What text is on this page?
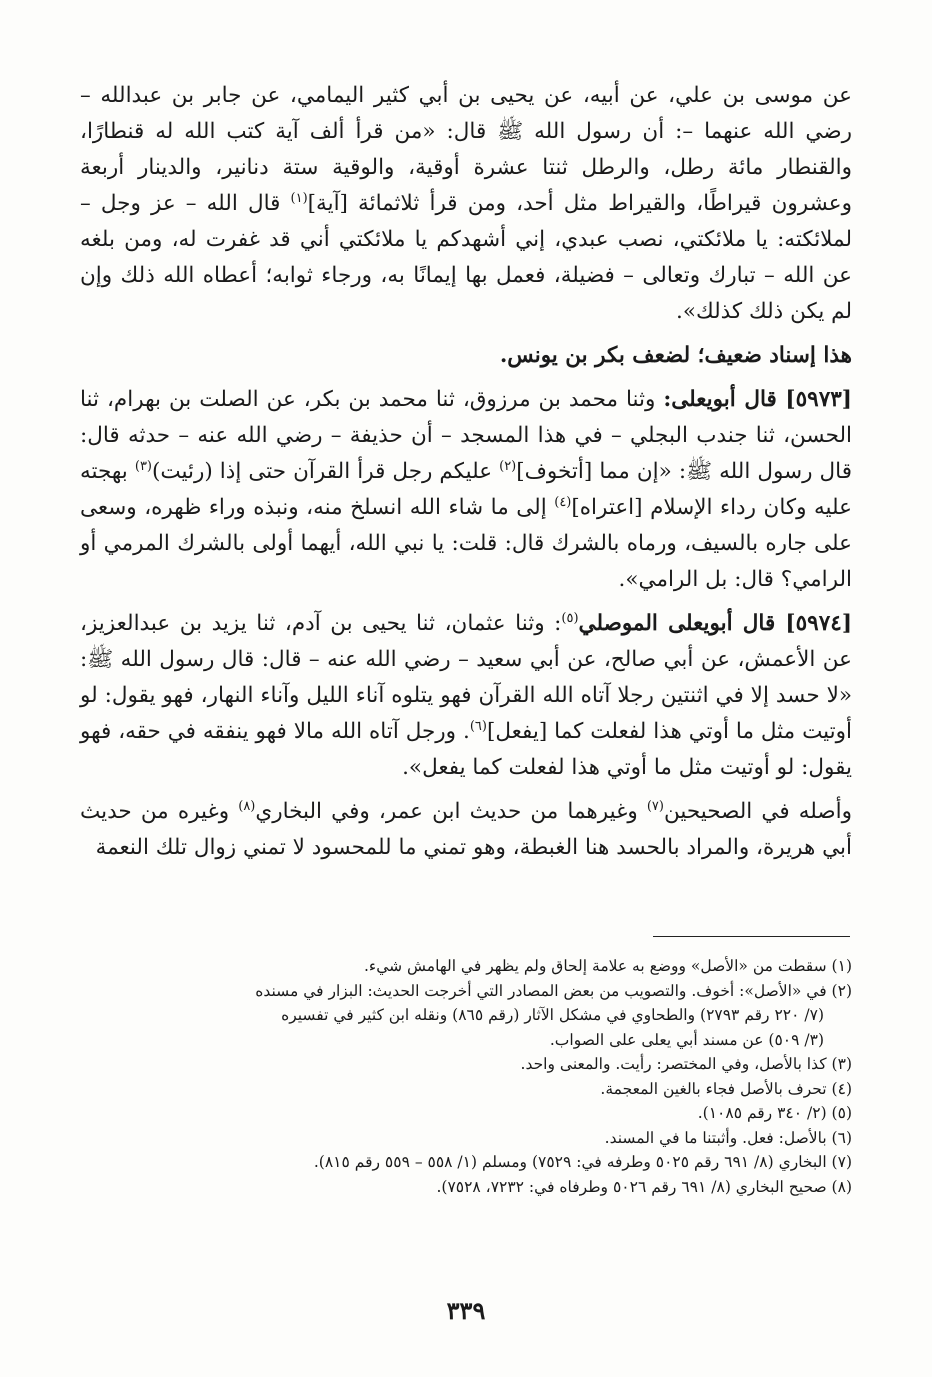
عن موسى بن علي، عن أبيه، عن يحيى بن أبي كثير اليمامي، عن جابر بن عبدالله – رضي الله عنهما –: أن رسول الله ﷺ قال: «من قرأ ألف آية كتب الله له قنطارًا، والقنطار مائة رطل، والرطل ثنتا عشرة أوقية، والوقية ستة دنانير، والدينار أربعة وعشرون قيراطًا، والقيراط مثل أحد، ومن قرأ ثلاثمائة [آية]$^{(١)}$ قال الله – عز وجل – لملائكته: يا ملائكتي، نصب عبدي، إني أشهدكم يا ملائكتي أني قد غفرت له، ومن بلغه عن الله – تبارك وتعالى – فضيلة، فعمل بها إيمانًا به، ورجاء ثوابه؛ أعطاه الله ذلك وإن لم يكن ذلك كذلك».

هذا إسناد ضعيف؛ لضعف بكر بن يونس.

[٥٩٧٣] قال أبويعلى: وثنا محمد بن مرزوق، ثنا محمد بن بكر، عن الصلت بن بهرام، ثنا الحسن، ثنا جندب البجلي – في هذا المسجد – أن حذيفة – رضي الله عنه – حدثه قال: قال رسول الله ﷺ: «إن مما [أتخوف]$^{(٢)}$ عليكم رجل قرأ القرآن حتى إذا (رئيت)$^{(٣)}$ بهجته عليه وكان رداء الإسلام [اعتراه]$^{(٤)}$ إلى ما شاء الله انسلخ منه، ونبذه وراء ظهره، وسعى على جاره بالسيف، ورماه بالشرك قال: قلت: يا نبي الله، أيهما أولى بالشرك المرمي أو الرامي؟ قال: بل الرامي».

[٥٩٧٤] قال أبويعلى الموصلي$^{(٥)}$: وثنا عثمان، ثنا يحيى بن آدم، ثنا يزيد بن عبدالعزيز، عن الأعمش، عن أبي صالح، عن أبي سعيد – رضي الله عنه – قال: قال رسول الله ﷺ: «لا حسد إلا في اثنتين رجلا آتاه الله القرآن فهو يتلوه آناء الليل وآناء النهار، فهو يقول: لو أوتيت مثل ما أوتي هذا لفعلت كما [يفعل]$^{(٦)}$. ورجل آتاه الله مالا فهو ينفقه في حقه، فهو يقول: لو أوتيت مثل ما أوتي هذا لفعلت كما يفعل».

وأصله في الصحيحين$^{(٧)}$ وغيرهما من حديث ابن عمر، وفي البخاري$^{(٨)}$ وغيره من حديث أبي هريرة، والمراد بالحسد هنا الغبطة، وهو تمني ما للمحسود لا تمني زوال تلك النعمة

(١) سقطت من «الأصل» ووضع به علامة إلحاق ولم يظهر في الهامش شيء.

(٢) في «الأصل»: أخوف. والتصويب من بعض المصادر التي أخرجت الحديث: البزار في مسنده

(٧/ ٢٢٠ رقم ٢٧٩٣) والطحاوي في مشكل الآثار (رقم ٨٦٥) ونقله ابن كثير في تفسيره

(٣/ ٥٠٩) عن مسند أبي يعلى على الصواب.

(٣) كذا بالأصل، وفي المختصر: رأيت. والمعنى واحد.

(٤) تحرف بالأصل فجاء بالغين المعجمة.

(٥) (٢/ ٣٤٠ رقم ١٠٨٥).

(٦) بالأصل: فعل. وأثبتنا ما في المسند.

(٧) البخاري (٨/ ٦٩١ رقم ٥٠٢٥ وطرفه في: ٧٥٢٩) ومسلم (١/ ٥٥٨ – ٥٥٩ رقم ٨١٥).

(٨) صحيح البخاري (٨/ ٦٩١ رقم ٥٠٢٦ وطرفاه في: ٧٢٣٢، ٧٥٢٨).

٣٣٩
